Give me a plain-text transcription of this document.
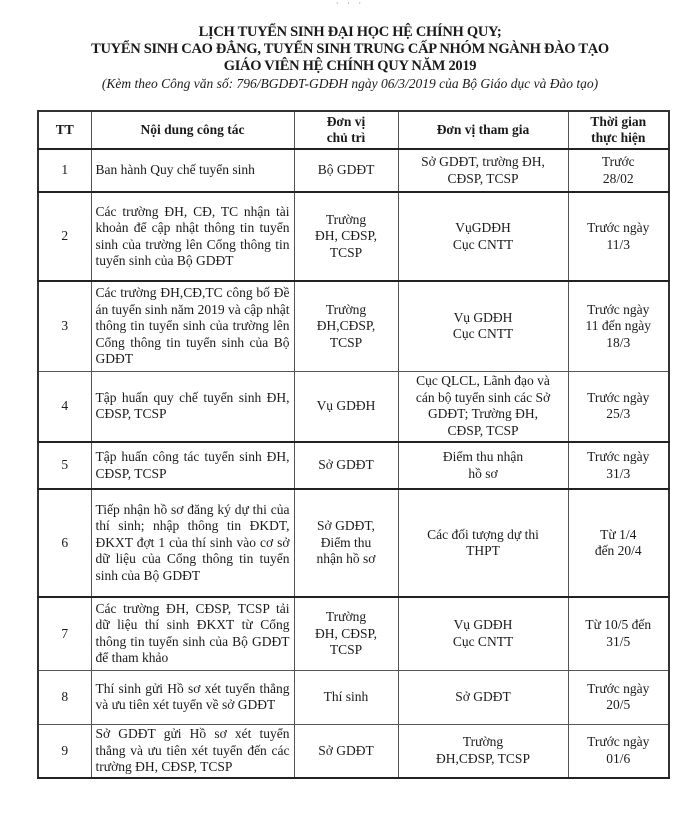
· · ·

LỊCH TUYỂN SINH ĐẠI HỌC HỆ CHÍNH QUY;

TUYỂN SINH CAO ĐẲNG, TUYỂN SINH TRUNG CẤP NHÓM NGÀNH ĐÀO TẠO

GIÁO VIÊN HỆ CHÍNH QUY NĂM 2019

(Kèm theo Công văn số: 796/BGDĐT-GDĐH ngày 06/3/2019 của Bộ Giáo dục và Đào tạo)

TT	Nội dung công tác	Đơn vị
chủ trì	Đơn vị tham gia	Thời gian
thực hiện
1	Ban hành Quy chế tuyển sinh	Bộ GDĐT	Sở GDĐT, trường ĐH,
CĐSP, TCSP	Trước
28/02
2	Các trường ĐH, CĐ, TC nhận tài khoản để cập nhật thông tin tuyển sinh của trường lên Cổng thông tin tuyển sinh của Bộ GDĐT	Trường
ĐH, CĐSP,
TCSP	VụGDĐH
Cục CNTT	Trước ngày
11/3
3	Các trường ĐH,CĐ,TC công bố Đề án tuyển sinh năm 2019 và cập nhật thông tin tuyển sinh của trường lên Cổng thông tin tuyển sinh của Bộ GDĐT	Trường
ĐH,CĐSP,
TCSP	Vụ GDĐH
Cục CNTT	Trước ngày
11 đến ngày
18/3
4	Tập huấn quy chế tuyển sinh ĐH, CĐSP, TCSP	Vụ GDĐH	Cục QLCL, Lãnh đạo và
cán bộ tuyển sinh các Sở
GDĐT; Trường ĐH,
CĐSP, TCSP	Trước ngày
25/3
5	Tập huấn công tác tuyển sinh ĐH, CĐSP, TCSP	Sở GDĐT	Điểm thu nhận
hồ sơ	Trước ngày
31/3
6	Tiếp nhận hồ sơ đăng ký dự thi của thí sinh; nhập thông tin ĐKDT, ĐKXT đợt 1 của thí sinh vào cơ sở dữ liệu của Cổng thông tin tuyển sinh của Bộ GDĐT	Sở GDĐT,
Điểm thu
nhận hồ sơ	Các đối tượng dự thi
THPT	Từ 1/4
đến 20/4
7	Các trường ĐH, CĐSP, TCSP tải dữ liệu thí sinh ĐKXT từ Cổng thông tin tuyển sinh của Bộ GDĐT để tham khảo	Trường
ĐH, CĐSP,
TCSP	Vụ GDĐH
Cục CNTT	Từ 10/5 đến
31/5
8	Thí sinh gửi Hồ sơ xét tuyển thẳng và ưu tiên xét tuyển về sở GDĐT	Thí sinh	Sở GDĐT	Trước ngày
20/5
9	Sở GDĐT gửi Hồ sơ xét tuyển thẳng và ưu tiên xét tuyển đến các trường ĐH, CĐSP, TCSP	Sở GDĐT	Trường
ĐH,CĐSP, TCSP	Trước ngày
01/6
